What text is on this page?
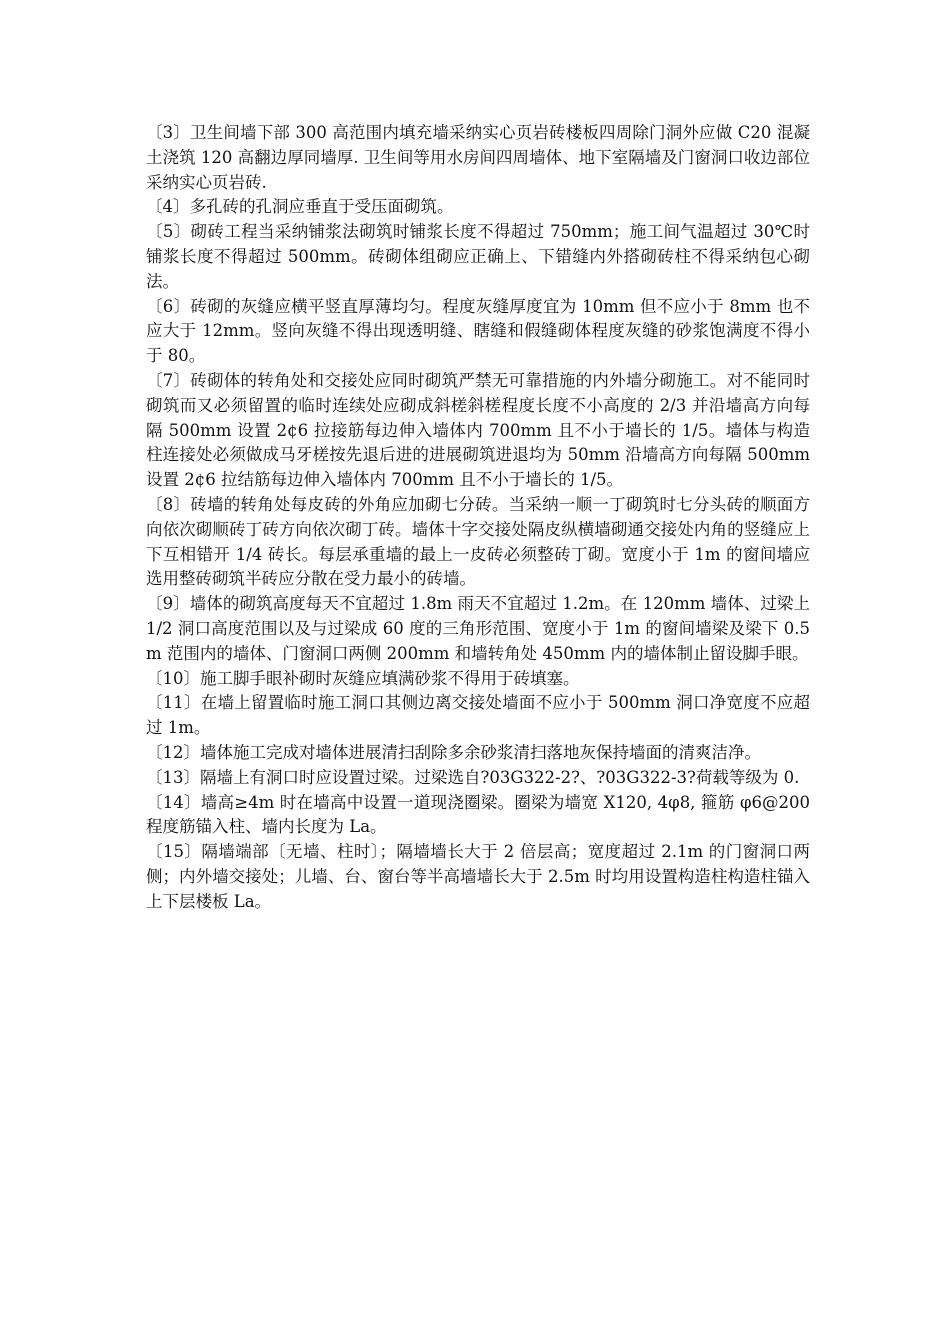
〔3〕卫生间墙下部 300 高范围内填充墙采纳实心页岩砖楼板四周除门洞外应做 C20 混凝土浇筑 120 高翻边厚同墙厚. 卫生间等用水房间四周墙体、地下室隔墙及门窗洞口收边部位采纳实心页岩砖.

〔4〕多孔砖的孔洞应垂直于受压面砌筑。

〔5〕砌砖工程当采纳铺浆法砌筑时铺浆长度不得超过 750mm；施工间气温超过 30℃时铺浆长度不得超过 500mm。砖砌体组砌应正确上、下错缝内外搭砌砖柱不得采纳包心砌法。

〔6〕砖砌的灰缝应横平竖直厚薄均匀。程度灰缝厚度宜为 10mm 但不应小于 8mm 也不应大于 12mm。竖向灰缝不得出现透明缝、瞎缝和假缝砌体程度灰缝的砂浆饱满度不得小于 80。

〔7〕砖砌体的转角处和交接处应同时砌筑严禁无可靠措施的内外墙分砌施工。对不能同时砌筑而又必须留置的临时连续处应砌成斜槎斜槎程度长度不小高度的 2/3 并沿墙高方向每隔 500mm 设置 2¢6 拉接筋每边伸入墙体内 700mm 且不小于墙长的 1/5。墙体与构造柱连接处必须做成马牙槎按先退后进的进展砌筑进退均为 50mm 沿墙高方向每隔 500mm 设置 2¢6 拉结筋每边伸入墙体内 700mm 且不小于墙长的 1/5。

〔8〕砖墙的转角处每皮砖的外角应加砌七分砖。当采纳一顺一丁砌筑时七分头砖的顺面方向依次砌顺砖丁砖方向依次砌丁砖。墙体十字交接处隔皮纵横墙砌通交接处内角的竖缝应上下互相错开 1/4 砖长。每层承重墙的最上一皮砖必须整砖丁砌。宽度小于 1m 的窗间墙应选用整砖砌筑半砖应分散在受力最小的砖墙。

〔9〕墙体的砌筑高度每天不宜超过 1.8m 雨天不宜超过 1.2m。在 120mm 墙体、过梁上 1/2 洞口高度范围以及与过梁成 60 度的三角形范围、宽度小于 1m 的窗间墙梁及梁下 0.5m 范围内的墙体、门窗洞口两侧 200mm 和墙转角处 450mm 内的墙体制止留设脚手眼。

〔10〕施工脚手眼补砌时灰缝应填满砂浆不得用于砖填塞。

〔11〕在墙上留置临时施工洞口其侧边离交接处墙面不应小于 500mm 洞口净宽度不应超过 1m。

〔12〕墙体施工完成对墙体进展清扫刮除多余砂浆清扫落地灰保持墙面的清爽洁净。

〔13〕隔墙上有洞口时应设置过梁。过梁选自?03G322-2?、?03G322-3?荷载等级为 0.

〔14〕墙高≥4m 时在墙高中设置一道现浇圈梁。圈梁为墙宽 X120, 4φ8, 箍筋 φ6@200 程度筋锚入柱、墙内长度为 La。

〔15〕隔墙端部〔无墙、柱时〕；隔墙墙长大于 2 倍层高；宽度超过 2.1m 的门窗洞口两侧；内外墙交接处；儿墙、台、窗台等半高墙墙长大于 2.5m 时均用设置构造柱构造柱锚入上下层楼板 La。
